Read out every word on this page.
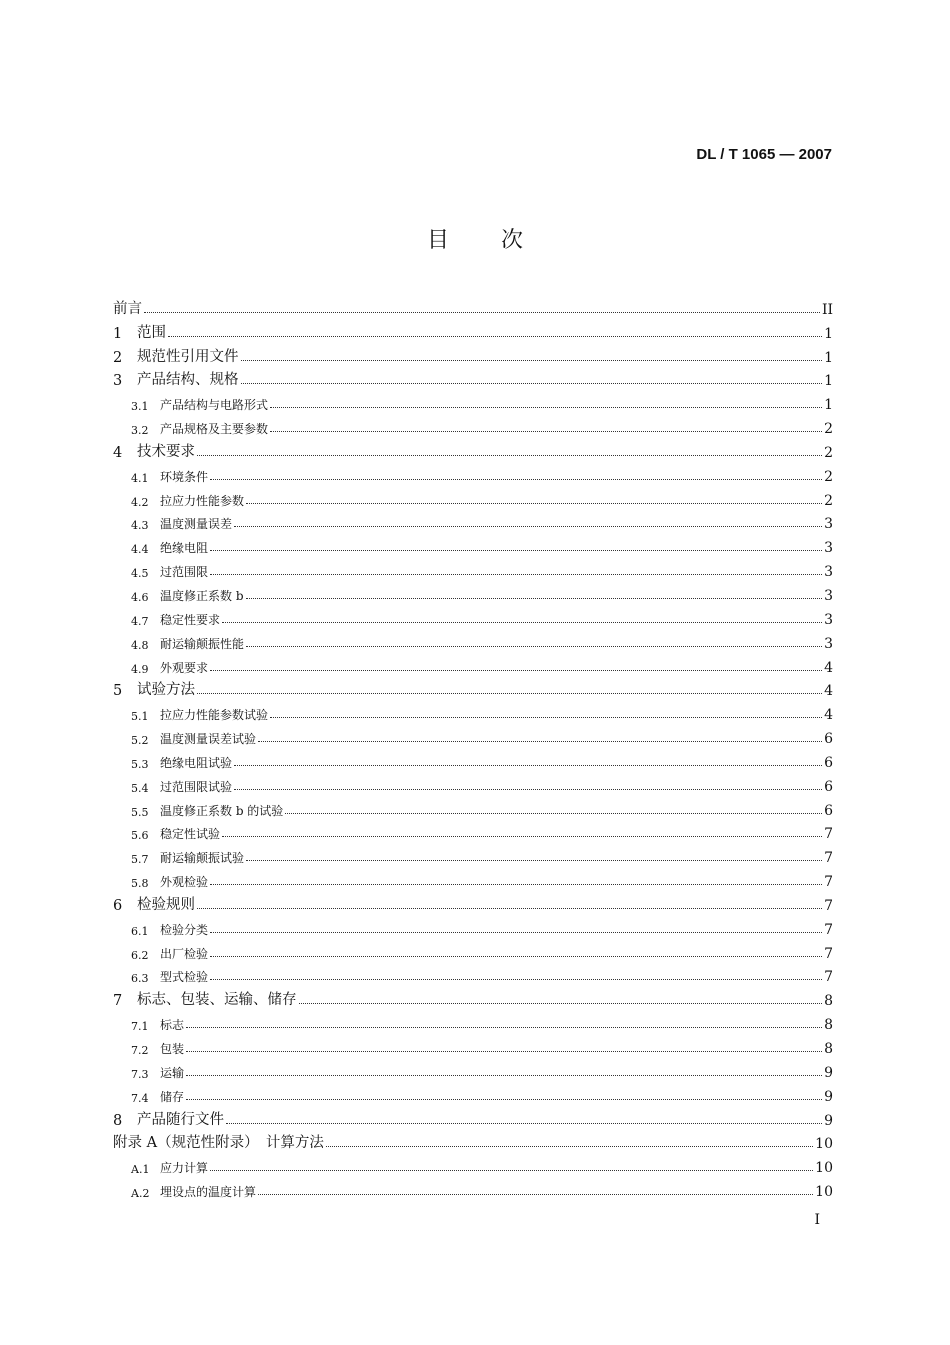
DL / T 1065 — 2007
目次
前言	II
1	范围	1
2	规范性引用文件	1
3	产品结构、规格	1
3.1 产品结构与电路形式	1
3.2 产品规格及主要参数	2
4	技术要求	2
4.1 环境条件	2
4.2 拉应力性能参数	2
4.3 温度测量误差	3
4.4 绝缘电阻	3
4.5 过范围限	3
4.6 温度修正系数 b	3
4.7 稳定性要求	3
4.8 耐运输颠振性能	3
4.9 外观要求	4
5	试验方法	4
5.1 拉应力性能参数试验	4
5.2 温度测量误差试验	6
5.3 绝缘电阻试验	6
5.4 过范围限试验	6
5.5 温度修正系数 b 的试验	6
5.6 稳定性试验	7
5.7 耐运输颠振试验	7
5.8 外观检验	7
6	检验规则	7
6.1 检验分类	7
6.2 出厂检验	7
6.3 型式检验	7
7	标志、包装、运输、储存	8
7.1 标志	8
7.2 包装	8
7.3 运输	9
7.4 储存	9
8	产品随行文件	9
附录 A（规范性附录）　计算方法	10
A.1 应力计算	10
A.2 埋设点的温度计算	10
I
